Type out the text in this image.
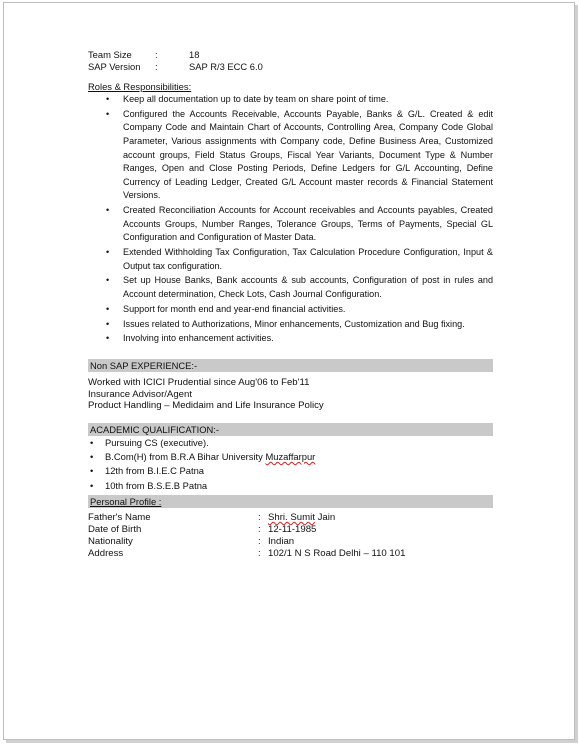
Team Size	:	18
SAP Version	:	SAP R/3 ECC 6.0
Roles & Responsibilities:
• Keep all documentation up to date by team on share point of time.
• Configured the Accounts Receivable, Accounts Payable, Banks & G/L. Created & edit Company Code and Maintain Chart of Accounts, Controlling Area, Company Code Global Parameter, Various assignments with Company code, Define Business Area, Customized account groups, Field Status Groups, Fiscal Year Variants, Document Type & Number Ranges, Open and Close Posting Periods, Define Ledgers for G/L Accounting, Define Currency of Leading Ledger, Created G/L Account master records & Financial Statement Versions.
• Created Reconciliation Accounts for Account receivables and Accounts payables, Created Accounts Groups, Number Ranges, Tolerance Groups, Terms of Payments, Special GL Configuration and Configuration of Master Data.
• Extended Withholding Tax Configuration, Tax Calculation Procedure Configuration, Input & Output tax configuration.
• Set up House Banks, Bank accounts & sub accounts, Configuration of post in rules and Account determination, Check Lots, Cash Journal Configuration.
• Support for month end and year-end financial activities.
• Issues related to Authorizations, Minor enhancements, Customization and Bug fixing.
• Involving into enhancement activities.
Non SAP EXPERIENCE:-
Worked with ICICI Prudential since Aug'06 to Feb'11
Insurance Advisor/Agent
Product Handling – Medidaim and Life Insurance Policy
ACADEMIC QUALIFICATION:-
• Pursuing CS (executive).
• B.Com(H) from B.R.A Bihar University Muzaffarpur
• 12th from B.I.E.C Patna
• 10th from B.S.E.B Patna
Personal Profile :
Father's Name	: Shri. Sumit Jain
Date of Birth	: 12-11-1985
Nationality	: Indian
Address	: 102/1 N S Road Delhi – 110 101
